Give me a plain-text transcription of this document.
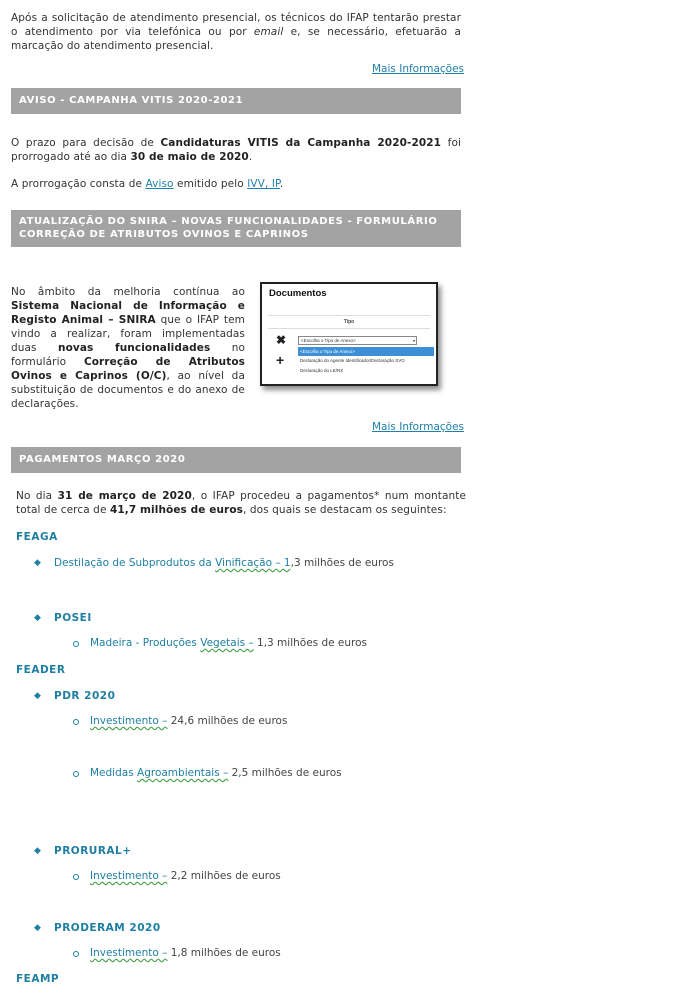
Após a solicitação de atendimento presencial, os técnicos do IFAP tentarão prestar o atendimento por via telefónica ou por email e, se necessário, efetuarão a marcação do atendimento presencial.
Mais Informações
AVISO - CAMPANHA VITIS 2020-2021
O prazo para decisão de Candidaturas VITIS da Campanha 2020-2021 foi prorrogado até ao dia 30 de maio de 2020.
A prorrogação consta de Aviso emitido pelo IVV, IP.
ATUALIZAÇÃO DO SNIRA – NOVAS FUNCIONALIDADES - FORMULÁRIO
CORREÇÃO DE ATRIBUTOS OVINOS E CAPRINOS
No âmbito da melhoria contínua ao Sistema Nacional de Informação e Registo Animal – SNIRA que o IFAP tem vindo a realizar, foram implementadas duas novas funcionalidades no formulário Correção de Atributos Ovinos e Caprinos (O/C), ao nível da substituição de documentos e do anexo de declarações.
Documentos
Tipo
✖
+
<Escolha o Tipo de Anexo>	▾
<Escolha o Tipo de Anexo>
Declaração do Agente Identificador/Declaração SVO
Declaração do LE/RZ
Mais Informações
PAGAMENTOS MARÇO 2020
No dia 31 de março de 2020, o IFAP procedeu a pagamentos* num montante total de cerca de 41,7 milhões de euros, dos quais se destacam os seguintes:
FEAGA
◆ Destilação de Subprodutos da Vinificação – 1,3 milhões de euros
◆ POSEI
Madeira - Produções Vegetais – 1,3 milhões de euros
FEADER
◆ PDR 2020
Investimento – 24,6 milhões de euros
Medidas Agroambientais – 2,5 milhões de euros
◆ PRORURAL+
Investimento – 2,2 milhões de euros
◆ PRODERAM 2020
Investimento – 1,8 milhões de euros
FEAMP
